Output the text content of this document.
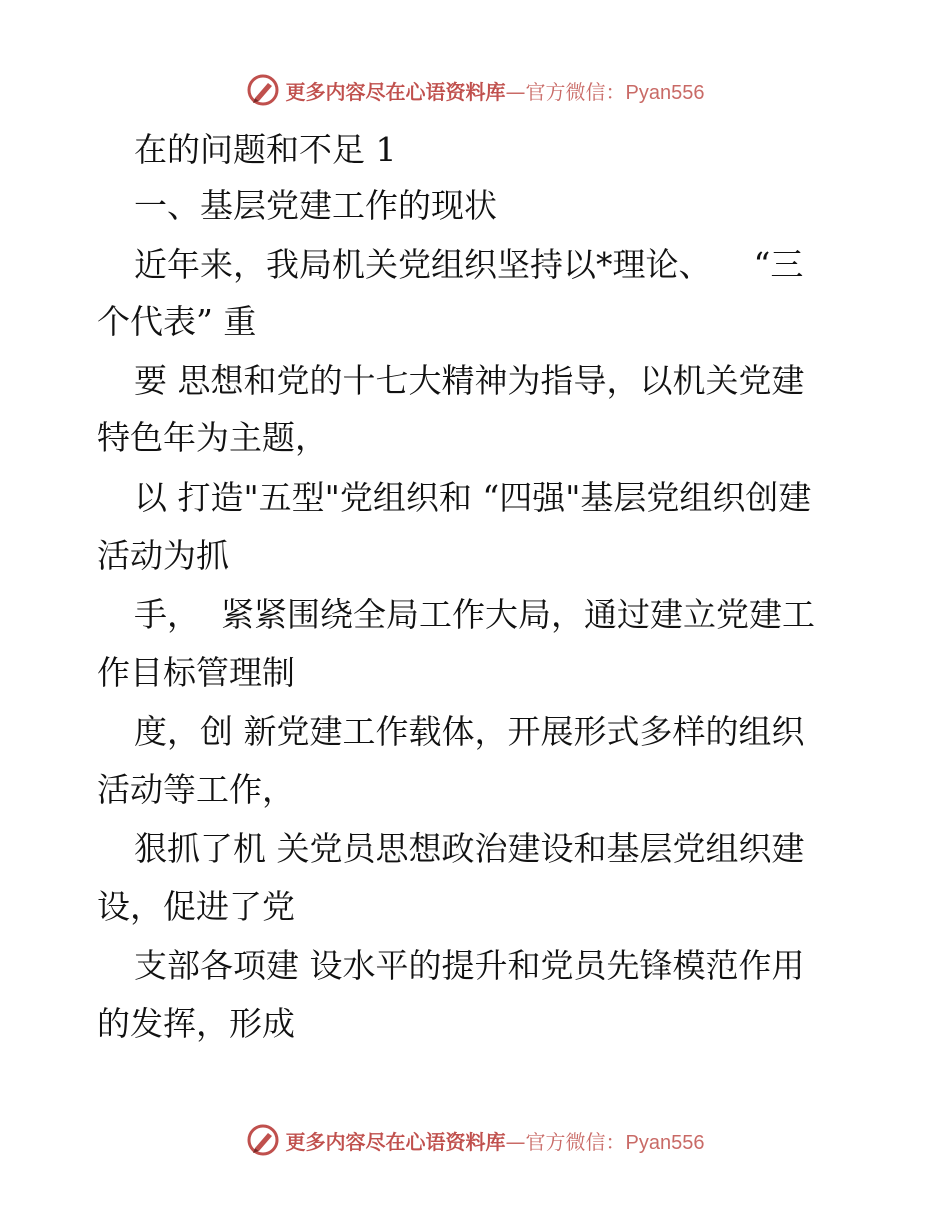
更多内容尽在心语资料库—官方微信：Pyan556
在的问题和不足 1
一、基层党建工作的现状
近年来，我局机关党组织坚持以*理论、    “三
个代表” 重
要 思想和党的十七大精神为指导，以机关党建
特色年为主题，
以 打造"五型"党组织和 “四强"基层党组织创建
活动为抓
手，  紧紧围绕全局工作大局，通过建立党建工
作目标管理制
度，创 新党建工作载体，开展形式多样的组织
活动等工作，
狠抓了机 关党员思想政治建设和基层党组织建
设，促进了党
支部各项建 设水平的提升和党员先锋模范作用
的发挥，形成
更多内容尽在心语资料库—官方微信：Pyan556
